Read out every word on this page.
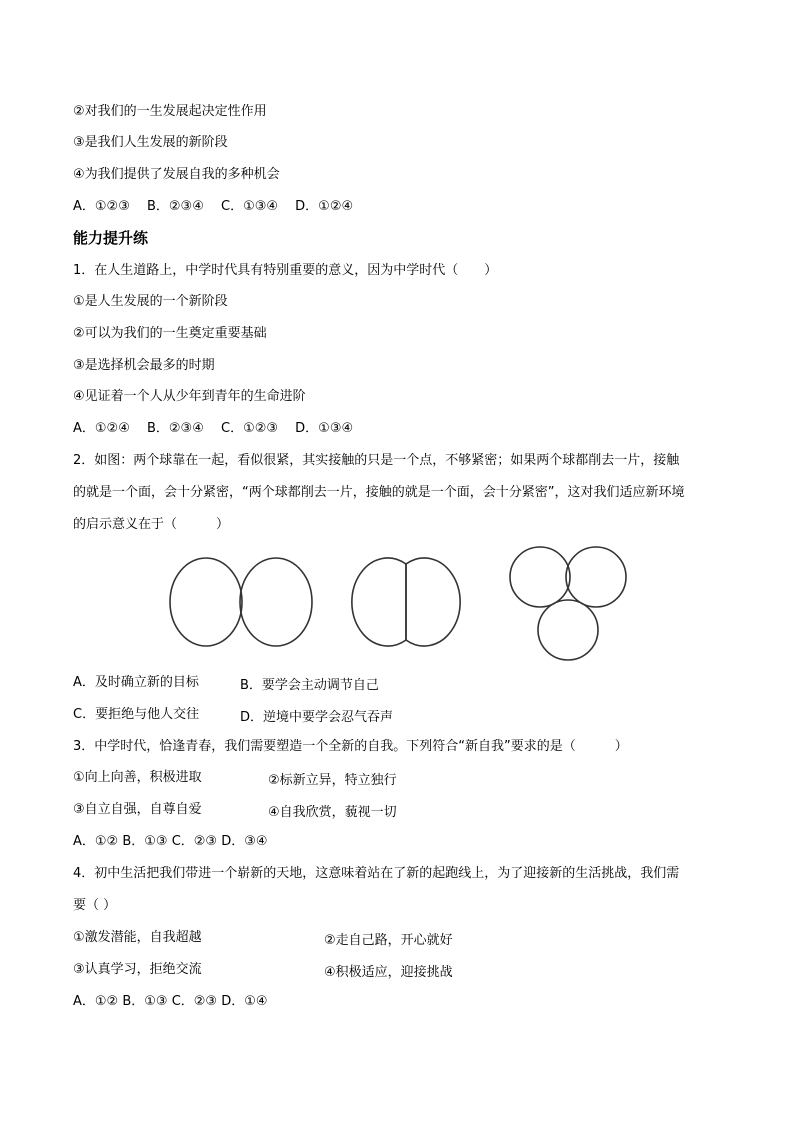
②对我们的一生发展起决定性作用
③是我们人生发展的新阶段
④为我们提供了发展自我的多种机会
A．①②③　 B．②③④　 C．①③④　 D．①②④
能力提升练
1．在人生道路上，中学时代具有特别重要的意义，因为中学时代（　　）
①是人生发展的一个新阶段
②可以为我们的一生奠定重要基础
③是选择机会最多的时期
④见证着一个人从少年到青年的生命进阶
A．①②④　 B．②③④　 C．①②③　 D．①③④
2．如图：两个球靠在一起，看似很紧，其实接触的只是一个点，不够紧密；如果两个球都削去一片，接触
的就是一个面，会十分紧密，“两个球都削去一片，接触的就是一个面，会十分紧密”，这对我们适应新环境
的启示意义在于（　　　）
A．及时确立新的目标	B．要学会主动调节自己
C．要拒绝与他人交往	D．逆境中要学会忍气吞声
3．中学时代，恰逢青春，我们需要塑造一个全新的自我。下列符合“新自我”要求的是（　　　）
①向上向善，积极进取	②标新立异，特立独行
③自立自强，自尊自爱	④自我欣赏，藐视一切
A．①② B．①③ C．②③ D．③④
4．初中生活把我们带进一个崭新的天地，这意味着站在了新的起跑线上，为了迎接新的生活挑战，我们需
要（ ）
①激发潜能，自我超越	②走自己路，开心就好
③认真学习，拒绝交流	④积极适应，迎接挑战
A．①② B．①③ C．②③ D．①④
